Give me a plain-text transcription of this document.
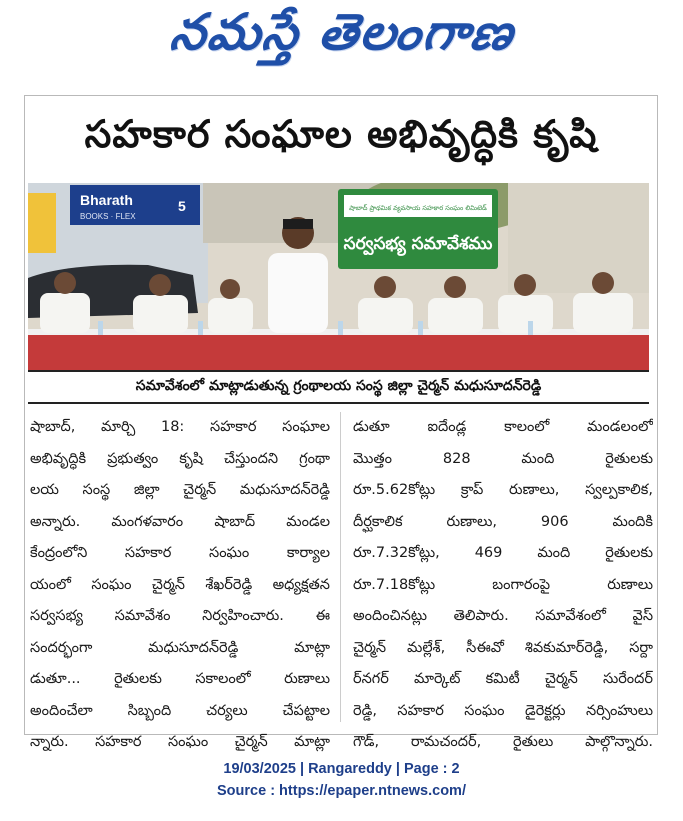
నమస్తే తెలంగాణ
సహకార సంఘాల అభివృద్ధికి కృషి
Bharath
BOOKS · FLEX
5	షాబాద్ ప్రాథమిక వ్యవసాయ సహకార సంఘం లిమిటెడ్
సర్వసభ్య సమావేశము
సమావేశంలో మాట్లాడుతున్న గ్రంథాలయ సంస్థ జిల్లా చైర్మన్ మధుసూదన్‌రెడ్డి
షాబాద్, మార్చి 18: సహకార సంఘాల
అభివృద్ధికి ప్రభుత్వం కృషి చేస్తుందని గ్రంథా
లయ సంస్థ జిల్లా చైర్మన్ మధుసూదన్‌రెడ్డి
అన్నారు. మంగళవారం షాబాద్ మండల
కేంద్రంలోని సహకార సంఘం కార్యాల
యంలో సంఘం చైర్మన్ శేఖర్‌రెడ్డి అధ్యక్షతన
సర్వసభ్య సమావేశం నిర్వహించారు. ఈ
సందర్భంగా మధుసూదన్‌రెడ్డి మాట్లా
డుతూ... రైతులకు సకాలంలో రుణాలు
అందించేలా సిబ్బంది చర్యలు చేపట్టాల
న్నారు. సహకార సంఘం చైర్మన్ మాట్లా
డుతూ ఐదేండ్ల కాలంలో మండలంలో
మొత్తం 828 మంది రైతులకు
రూ.5.62కోట్లు క్రాప్ రుణాలు, స్వల్పకాలిక,
దీర్ఘకాలిక రుణాలు, 906 మందికి
రూ.7.32కోట్లు, 469 మంది రైతులకు
రూ.7.18కోట్లు బంగారంపై రుణాలు
అందించినట్లు తెలిపారు. సమావేశంలో వైస్
చైర్మన్ మల్లేశ్, సీఈవో శివకుమార్‌రెడ్డి, సర్దా
ర్‌నగర్ మార్కెట్ కమిటీ చైర్మన్ సురేందర్
రెడ్డి, సహకార సంఘం డైరెక్టర్లు నర్సింహులు
గౌడ్, రామచందర్, రైతులు పాల్గొన్నారు.
19/03/2025 | Rangareddy | Page : 2
Source : https://epaper.ntnews.com/
